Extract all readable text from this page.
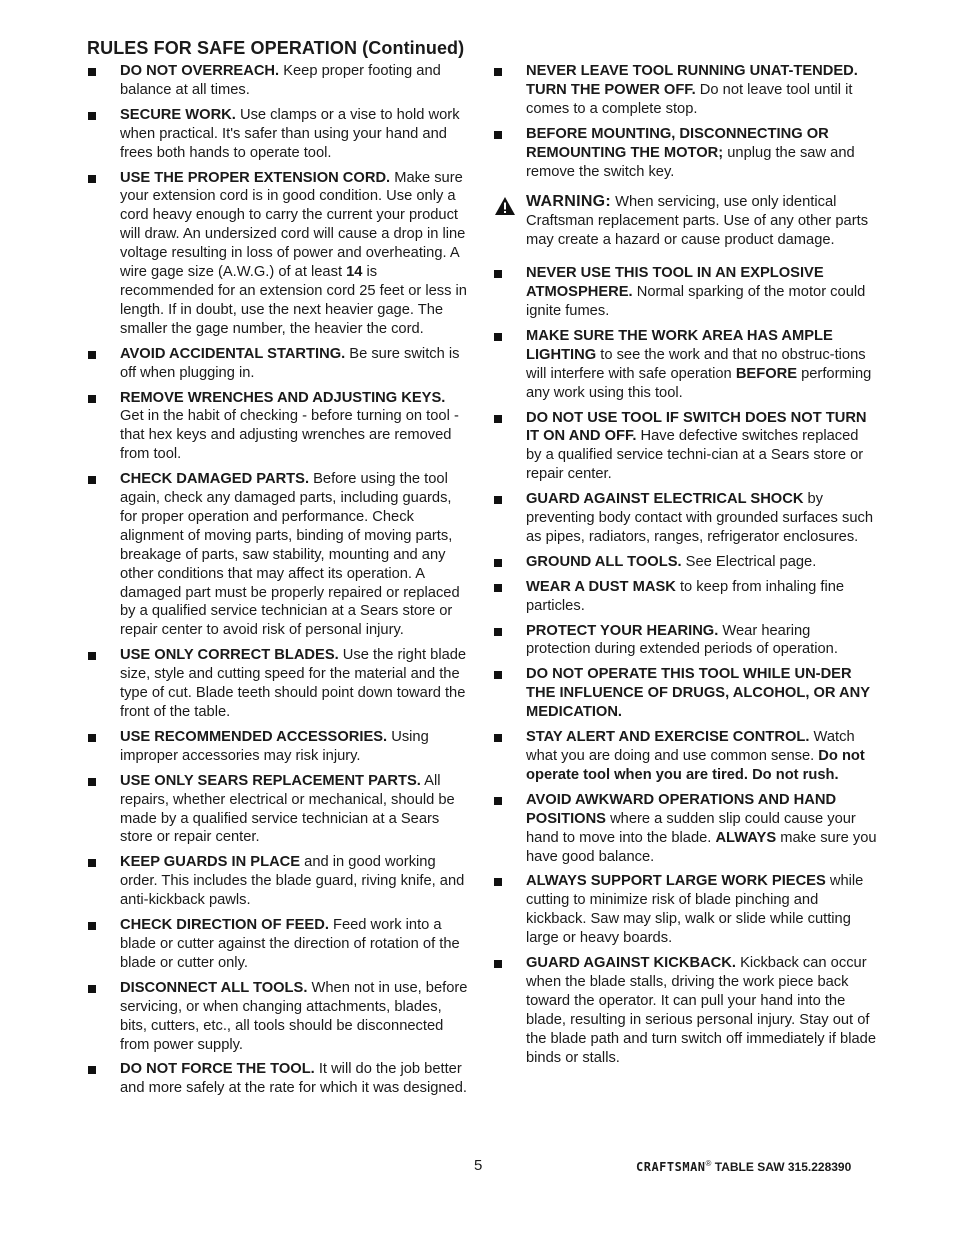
RULES FOR SAFE OPERATION (Continued)
DO NOT OVERREACH. Keep proper footing and balance at all times.
SECURE WORK. Use clamps or a vise to hold work when practical. It's safer than using your hand and frees both hands to operate tool.
USE THE PROPER EXTENSION CORD. Make sure your extension cord is in good condition. Use only a cord heavy enough to carry the current your product will draw. An undersized cord will cause a drop in line voltage resulting in loss of power and overheating. A wire gage size (A.W.G.) of at least 14 is recommended for an extension cord 25 feet or less in length. If in doubt, use the next heavier gage. The smaller the gage number, the heavier the cord.
AVOID ACCIDENTAL STARTING. Be sure switch is off when plugging in.
REMOVE WRENCHES AND ADJUSTING KEYS. Get in the habit of checking - before turning on tool - that hex keys and adjusting wrenches are removed from tool.
CHECK DAMAGED PARTS. Before using the tool again, check any damaged parts, including guards, for proper operation and performance. Check alignment of moving parts, binding of moving parts, breakage of parts, saw stability, mounting and any other conditions that may affect its operation. A damaged part must be properly repaired or replaced by a qualified service technician at a Sears store or repair center to avoid risk of personal injury.
USE ONLY CORRECT BLADES. Use the right blade size, style and cutting speed for the material and the type of cut. Blade teeth should point down toward the front of the table.
USE RECOMMENDED ACCESSORIES. Using improper accessories may risk injury.
USE ONLY SEARS REPLACEMENT PARTS. All repairs, whether electrical or mechanical, should be made by a qualified service technician at a Sears store or repair center.
KEEP GUARDS IN PLACE and in good working order. This includes the blade guard, riving knife, and anti-kickback pawls.
CHECK DIRECTION OF FEED. Feed work into a blade or cutter against the direction of rotation of the blade or cutter only.
DISCONNECT ALL TOOLS. When not in use, before servicing, or when changing attachments, blades, bits, cutters, etc., all tools should be disconnected from power supply.
DO NOT FORCE THE TOOL. It will do the job better and more safely at the rate for which it was designed.
NEVER LEAVE TOOL RUNNING UNAT-TENDED. TURN THE POWER OFF. Do not leave tool until it comes to a complete stop.
BEFORE MOUNTING, DISCONNECTING OR REMOUNTING THE MOTOR; unplug the saw and remove the switch key.
WARNING: When servicing, use only identical Craftsman replacement parts. Use of any other parts may create a hazard or cause product damage.
NEVER USE THIS TOOL IN AN EXPLOSIVE ATMOSPHERE. Normal sparking of the motor could ignite fumes.
MAKE SURE THE WORK AREA HAS AMPLE LIGHTING to see the work and that no obstruc-tions will interfere with safe operation BEFORE performing any work using this tool.
DO NOT USE TOOL IF SWITCH DOES NOT TURN IT ON AND OFF. Have defective switches replaced by a qualified service techni-cian at a Sears store or repair center.
GUARD AGAINST ELECTRICAL SHOCK by preventing body contact with grounded surfaces such as pipes, radiators, ranges, refrigerator enclosures.
GROUND ALL TOOLS. See Electrical page.
WEAR A DUST MASK to keep from inhaling fine particles.
PROTECT YOUR HEARING. Wear hearing protection during extended periods of operation.
DO NOT OPERATE THIS TOOL WHILE UN-DER THE INFLUENCE OF DRUGS, ALCOHOL, OR ANY MEDICATION.
STAY ALERT AND EXERCISE CONTROL. Watch what you are doing and use common sense. Do not operate tool when you are tired. Do not rush.
AVOID AWKWARD OPERATIONS AND HAND POSITIONS where a sudden slip could cause your hand to move into the blade. ALWAYS make sure you have good balance.
ALWAYS SUPPORT LARGE WORK PIECES while cutting to minimize risk of blade pinching and kickback. Saw may slip, walk or slide while cutting large or heavy boards.
GUARD AGAINST KICKBACK. Kickback can occur when the blade stalls, driving the work piece back toward the operator. It can pull your hand into the blade, resulting in serious personal injury. Stay out of the blade path and turn switch off immediately if blade binds or stalls.
5	CRAFTSMAN® TABLE SAW 315.228390
